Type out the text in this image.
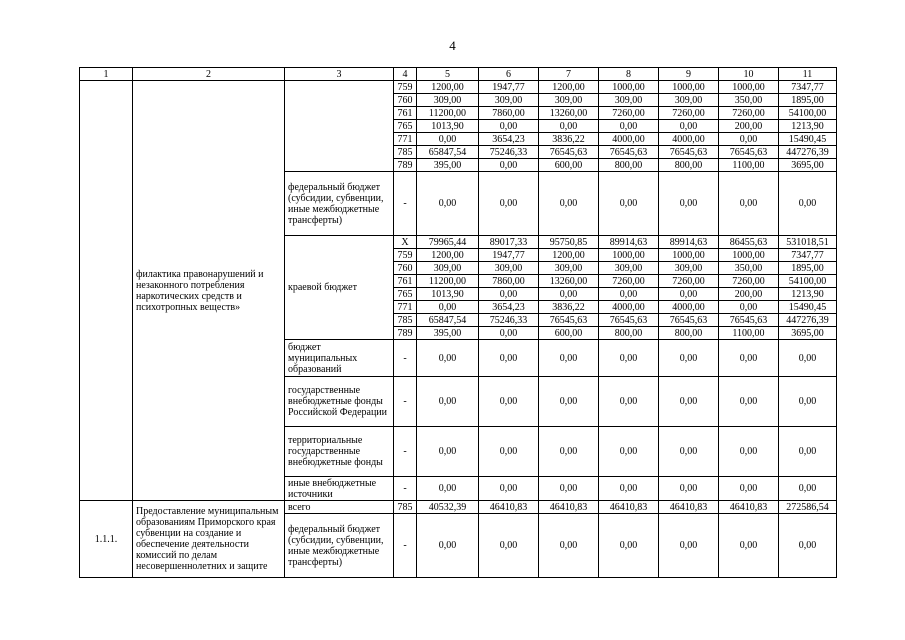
4
1	2	3	4	5	6	7	8	9	10	11
	филактика правонарушений и незаконного потребления наркотических средств и психотропных веществ»		759	1200,00	1947,77	1200,00	1000,00	1000,00	1000,00	7347,77
			760	309,00	309,00	309,00	309,00	309,00	350,00	1895,00
			761	11200,00	7860,00	13260,00	7260,00	7260,00	7260,00	54100,00
			765	1013,90	0,00	0,00	0,00	0,00	200,00	1213,90
			771	0,00	3654,23	3836,22	4000,00	4000,00	0,00	15490,45
			785	65847,54	75246,33	76545,63	76545,63	76545,63	76545,63	447276,39
			789	395,00	0,00	600,00	800,00	800,00	1100,00	3695,00
		федеральный бюджет (субсидии, субвенции, иные межбюджетные трансферты)	-	0,00	0,00	0,00	0,00	0,00	0,00	0,00
		краевой бюджет	Х	79965,44	89017,33	95750,85	89914,63	89914,63	86455,63	531018,51
			759	1200,00	1947,77	1200,00	1000,00	1000,00	1000,00	7347,77
			760	309,00	309,00	309,00	309,00	309,00	350,00	1895,00
			761	11200,00	7860,00	13260,00	7260,00	7260,00	7260,00	54100,00
			765	1013,90	0,00	0,00	0,00	0,00	200,00	1213,90
			771	0,00	3654,23	3836,22	4000,00	4000,00	0,00	15490,45
			785	65847,54	75246,33	76545,63	76545,63	76545,63	76545,63	447276,39
			789	395,00	0,00	600,00	800,00	800,00	1100,00	3695,00
		бюджет муниципальных образований	-	0,00	0,00	0,00	0,00	0,00	0,00	0,00
		государственные внебюджетные фонды Российской Федерации	-	0,00	0,00	0,00	0,00	0,00	0,00	0,00
		территориальные государственные внебюджетные фонды	-	0,00	0,00	0,00	0,00	0,00	0,00	0,00
		иные внебюджетные источники	-	0,00	0,00	0,00	0,00	0,00	0,00	0,00
1.1.1.	Предоставление муниципальным образованиям Приморского края субвенции на создание и обеспечение деятельности комиссий по делам несовершеннолетних и защите	всего	785	40532,39	46410,83	46410,83	46410,83	46410,83	46410,83	272586,54
		федеральный бюджет (субсидии, субвенции, иные межбюджетные трансферты)	-	0,00	0,00	0,00	0,00	0,00	0,00	0,00
